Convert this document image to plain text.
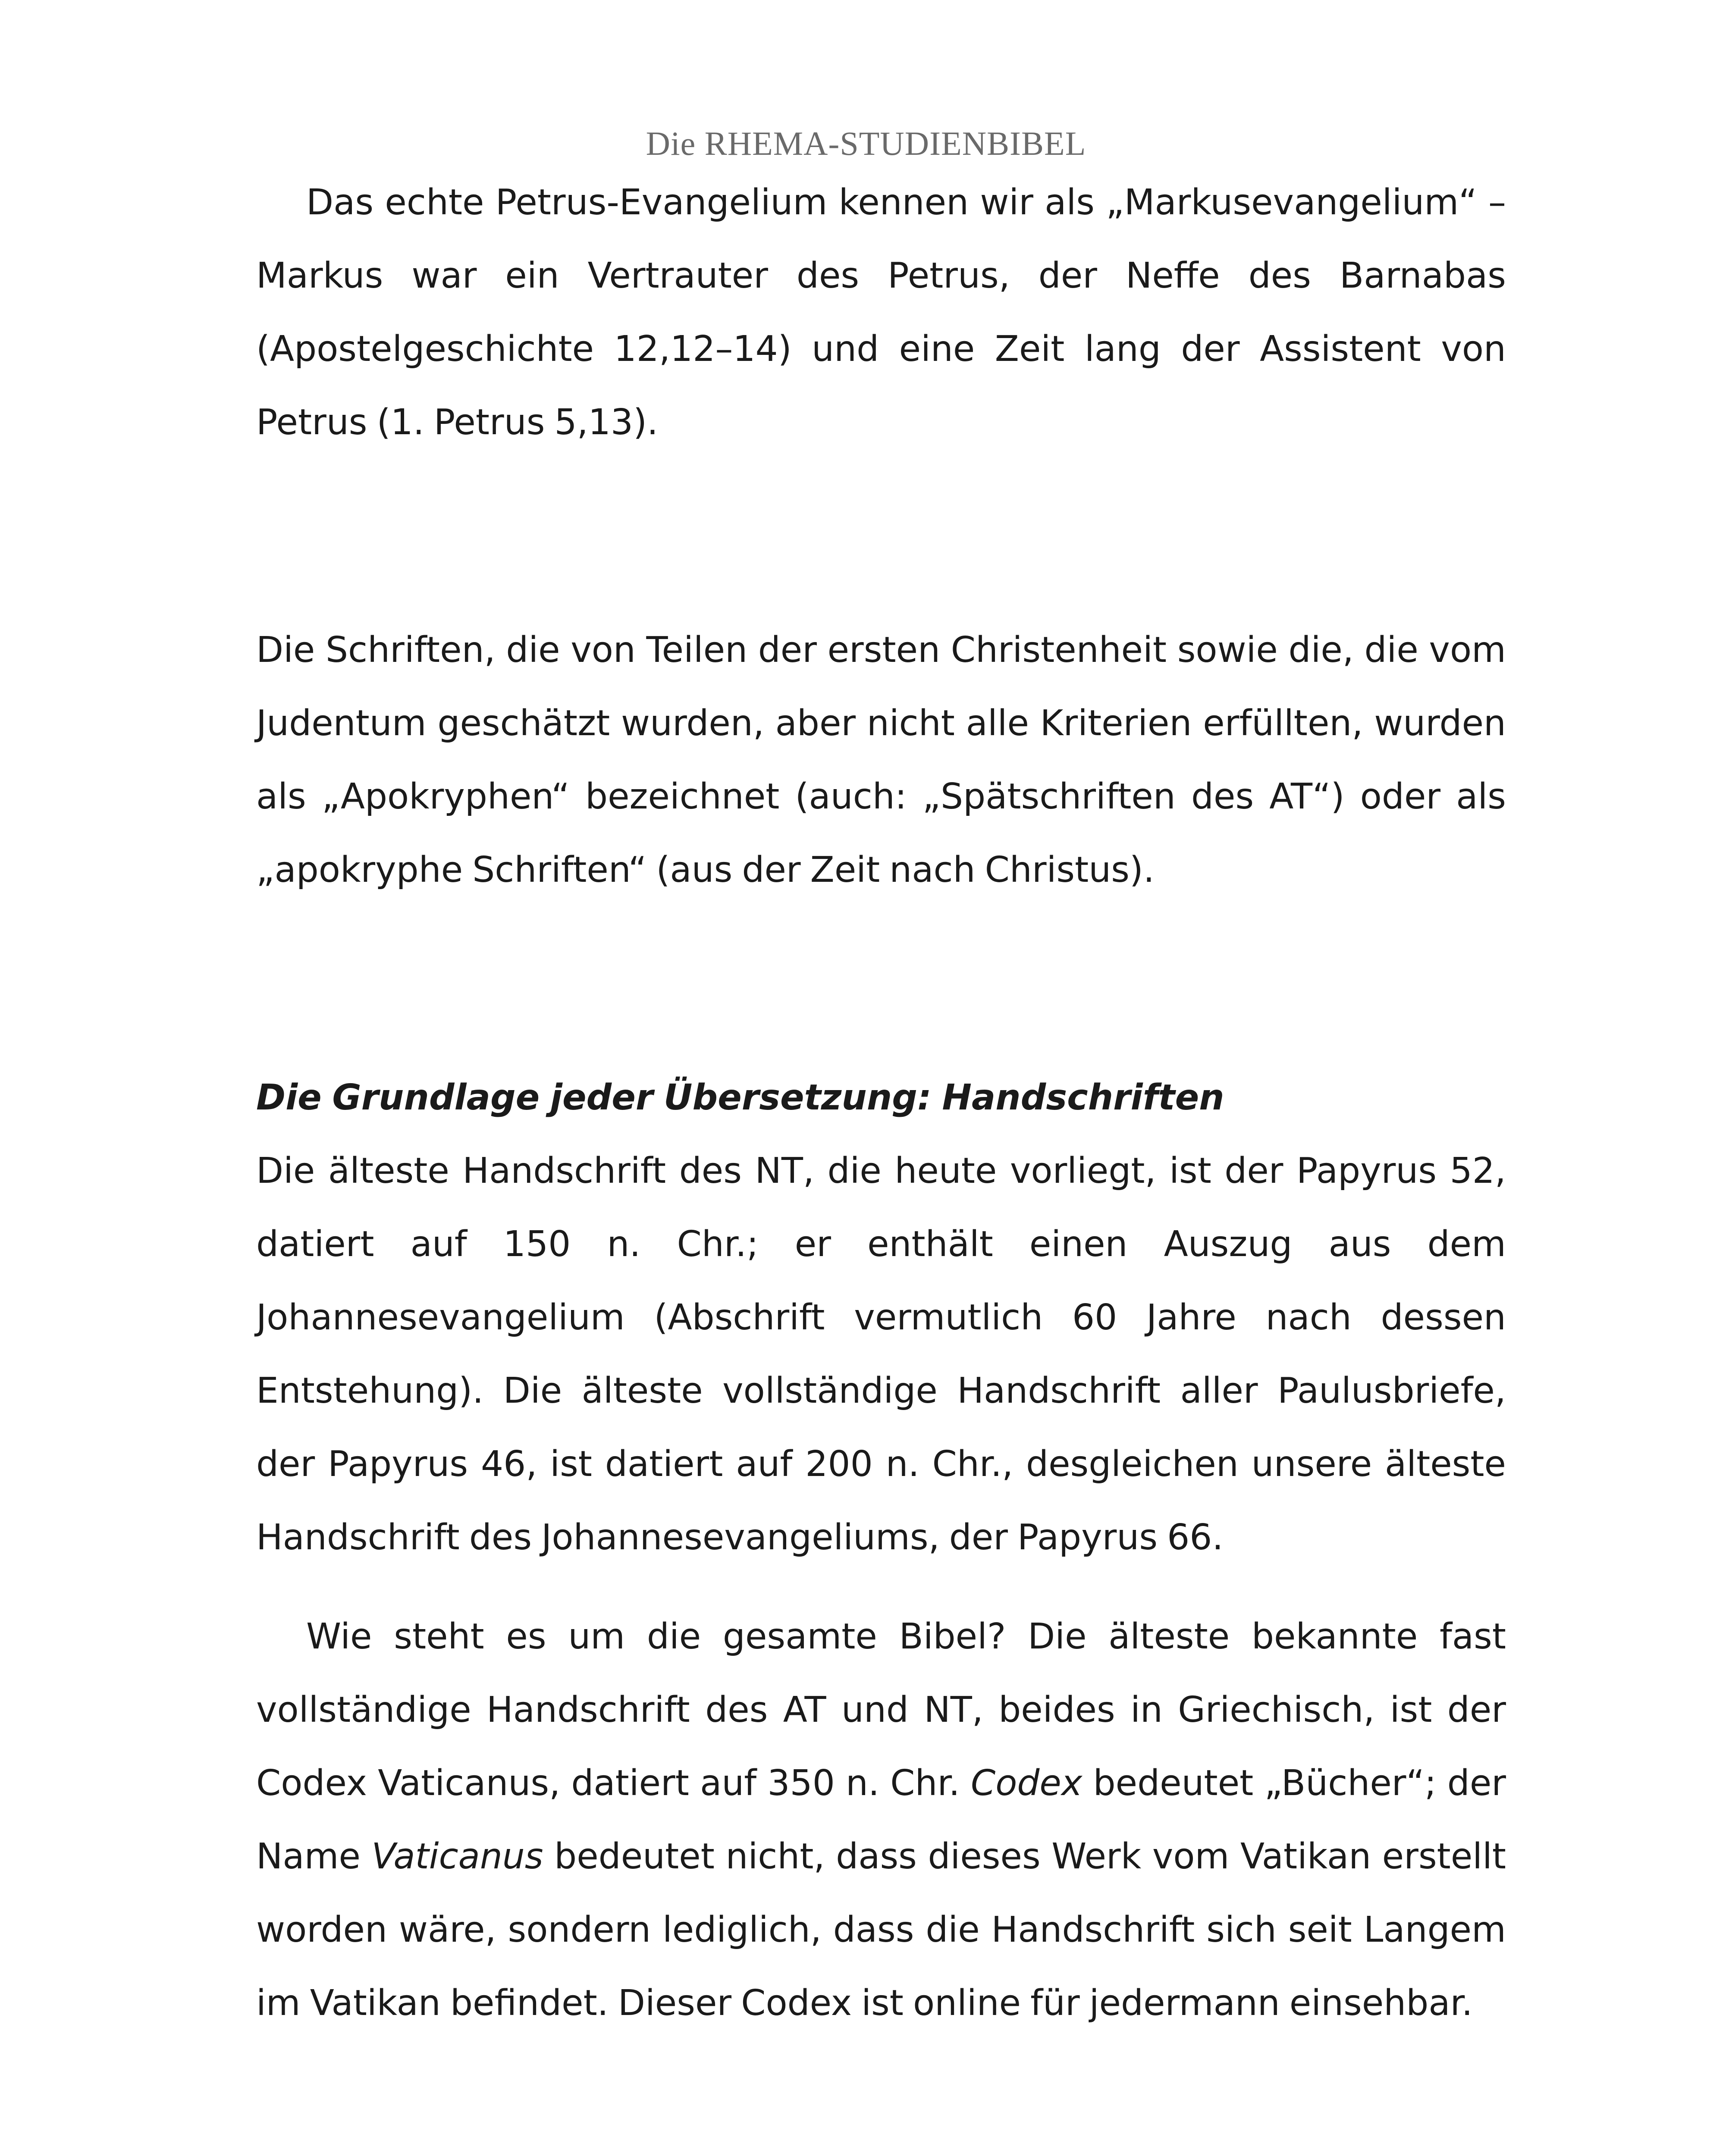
Die RHEMA-STUDIENBIBEL

Das echte Petrus-Evangelium kennen wir als „Markusevangelium“ – Markus war ein Vertrauter des Petrus, der Neffe des Barnabas (Apostelgeschichte 12,12–14) und eine Zeit lang der Assistent von Petrus (1. Petrus 5,13).

Die Schriften, die von Teilen der ersten Christenheit sowie die, die vom Judentum geschätzt wurden, aber nicht alle Kriterien erfüllten, wurden als „Apokryphen“ bezeichnet (auch: „Spätschriften des AT“) oder als „apokryphe Schriften“ (aus der Zeit nach Christus).

Die Grundlage jeder Übersetzung: Handschriften

Die älteste Handschrift des NT, die heute vorliegt, ist der Papyrus 52, datiert auf 150 n. Chr.; er enthält einen Auszug aus dem Johannesevangelium (Abschrift vermutlich 60 Jahre nach dessen Entstehung). Die älteste vollständige Handschrift aller Paulusbriefe, der Papyrus 46, ist datiert auf 200 n. Chr., desgleichen unsere älteste Handschrift des Johannesevangeliums, der Papyrus 66.

Wie steht es um die gesamte Bibel? Die älteste bekannte fast vollständige Handschrift des AT und NT, beides in Griechisch, ist der Codex Vaticanus, datiert auf 350 n. Chr. Codex bedeutet „Bücher“; der Name Vaticanus bedeutet nicht, dass dieses Werk vom Vatikan erstellt worden wäre, sondern lediglich, dass die Handschrift sich seit Langem im Vatikan befindet. Dieser Codex ist online für jedermann einsehbar.
